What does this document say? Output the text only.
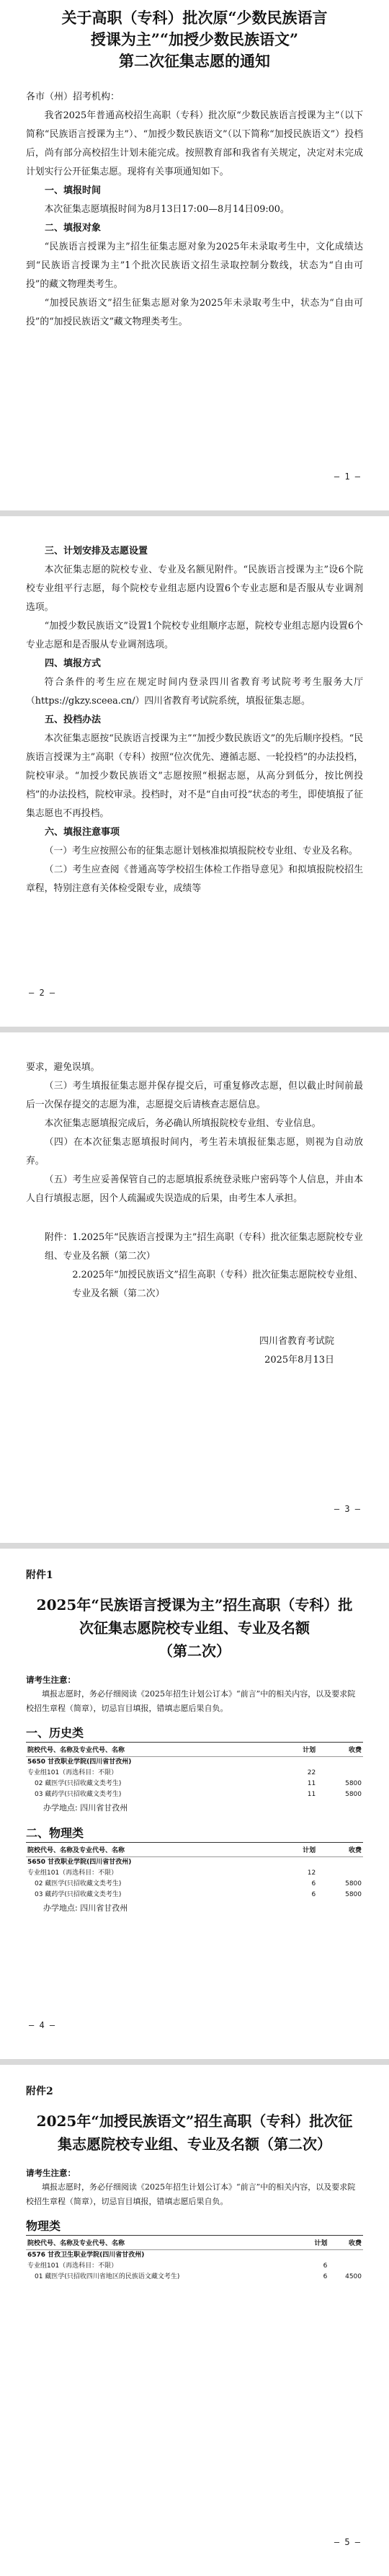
关于高职（专科）批次原“少数民族语言
授课为主”“加授少数民族语文”
第二次征集志愿的通知
各市（州）招考机构：

我省2025年普通高校招生高职（专科）批次原“少数民族语言授课为主”（以下简称“民族语言授课为主”）、“加授少数民族语文”（以下简称“加授民族语文”）投档后，尚有部分高校招生计划未能完成。按照教育部和我省有关规定，决定对未完成计划实行公开征集志愿。现将有关事项通知如下。

一、填报时间

本次征集志愿填报时间为8月13日17:00—8月14日09:00。

二、填报对象

“民族语言授课为主”招生征集志愿对象为2025年未录取考生中，文化成绩达到“民族语言授课为主”1个批次民族语文招生录取控制分数线，状态为“自由可投”的藏文物理类考生。

“加授民族语文”招生征集志愿对象为2025年未录取考生中，状态为“自由可投”的“加授民族语文”藏文物理类考生。

— 1 —
三、计划安排及志愿设置

本次征集志愿的院校专业、专业及名额见附件。“民族语言授课为主”设6个院校专业组平行志愿，每个院校专业组志愿内设置6个专业志愿和是否服从专业调剂选项。

“加授少数民族语文”设置1个院校专业组顺序志愿，院校专业组志愿内设置6个专业志愿和是否服从专业调剂选项。

四、填报方式

符合条件的考生应在规定时间内登录四川省教育考试院考考生服务大厅（https://gkzy.sceea.cn/）四川省教育考试院系统，填报征集志愿。

五、投档办法

本次征集志愿按“民族语言授课为主”“加授少数民族语文”的先后顺序投档。“民族语言授课为主”高职（专科）按照“位次优先、遵循志愿、一轮投档”的办法投档，院校审录。“加授少数民族语文”志愿按照“根据志愿，从高分到低分，按比例投档”的办法投档，院校审录。投档时，对不是“自由可投”状态的考生，即使填报了征集志愿也不再投档。

六、填报注意事项

（一）考生应按照公布的征集志愿计划核准拟填报院校专业组、专业及名称。

（二）考生应查阅《普通高等学校招生体检工作指导意见》和拟填报院校招生章程，特别注意有关体检受限专业，成绩等

— 2 —

要求，避免误填。

（三）考生填报征集志愿并保存提交后，可重复修改志愿，但以截止时间前最后一次保存提交的志愿为准，志愿提交后请核查志愿信息。

本次征集志愿填报完成后，务必确认所填报院校专业组、专业信息。

（四）在本次征集志愿填报时间内，考生若未填报征集志愿，则视为自动放弃。

（五）考生应妥善保管自己的志愿填报系统登录账户密码等个人信息，并由本人自行填报志愿，因个人疏漏或失误造成的后果，由考生本人承担。

附件：1.2025年“民族语言授课为主”招生高职（专科）批次征集志愿院校专业组、专业及名额（第二次）
2.2025年“加授民族语文”招生高职（专科）批次征集志愿院校专业组、专业及名额（第二次）
四川省教育考试院
2025年8月13日
— 3 —
附件1
2025年“民族语言授课为主”招生高职（专科）批
次征集志愿院校专业组、专业及名额
（第二次）

请考生注意：

填报志愿时，务必仔细阅读《2025年招生计划公订本》“前言”中的相关内容，以及要求院校招生章程（简章），切忌盲目填报，错填志愿后果自负。

一、历史类
院校代号、名称及专业代号、名称	计划	收费
5650 甘孜职业学院(四川省甘孜州)		
专业组101（再选科目：不限）	22	
02 藏医学(只招收藏文类考生)	11	5800
03 藏药学(只招收藏文类考生)	11	5800
办学地点: 四川省甘孜州		
二、物理类
院校代号、名称及专业代号、名称	计划	收费
5650 甘孜职业学院(四川省甘孜州)		
专业组101（再选科目：不限）	12	
02 藏医学(只招收藏文类考生)	6	5800
03 藏药学(只招收藏文类考生)	6	5800
办学地点: 四川省甘孜州		
— 4 —
附件2
2025年“加授民族语文”招生高职（专科）批次征
集志愿院校专业组、专业及名额（第二次）

请考生注意：

填报志愿时，务必仔细阅读《2025年招生计划公订本》“前言”中的相关内容，以及要求院校招生章程（简章），切忌盲目填报，错填志愿后果自负。

物理类
院校代号、名称及专业代号、名称	计划	收费
6576 甘孜卫生职业学院(四川省甘孜州)		
专业组101（再选科目：不限）	6	
01 藏医学(只招收四川省地区的民族语文藏文考生)	6	4500
— 5 —
